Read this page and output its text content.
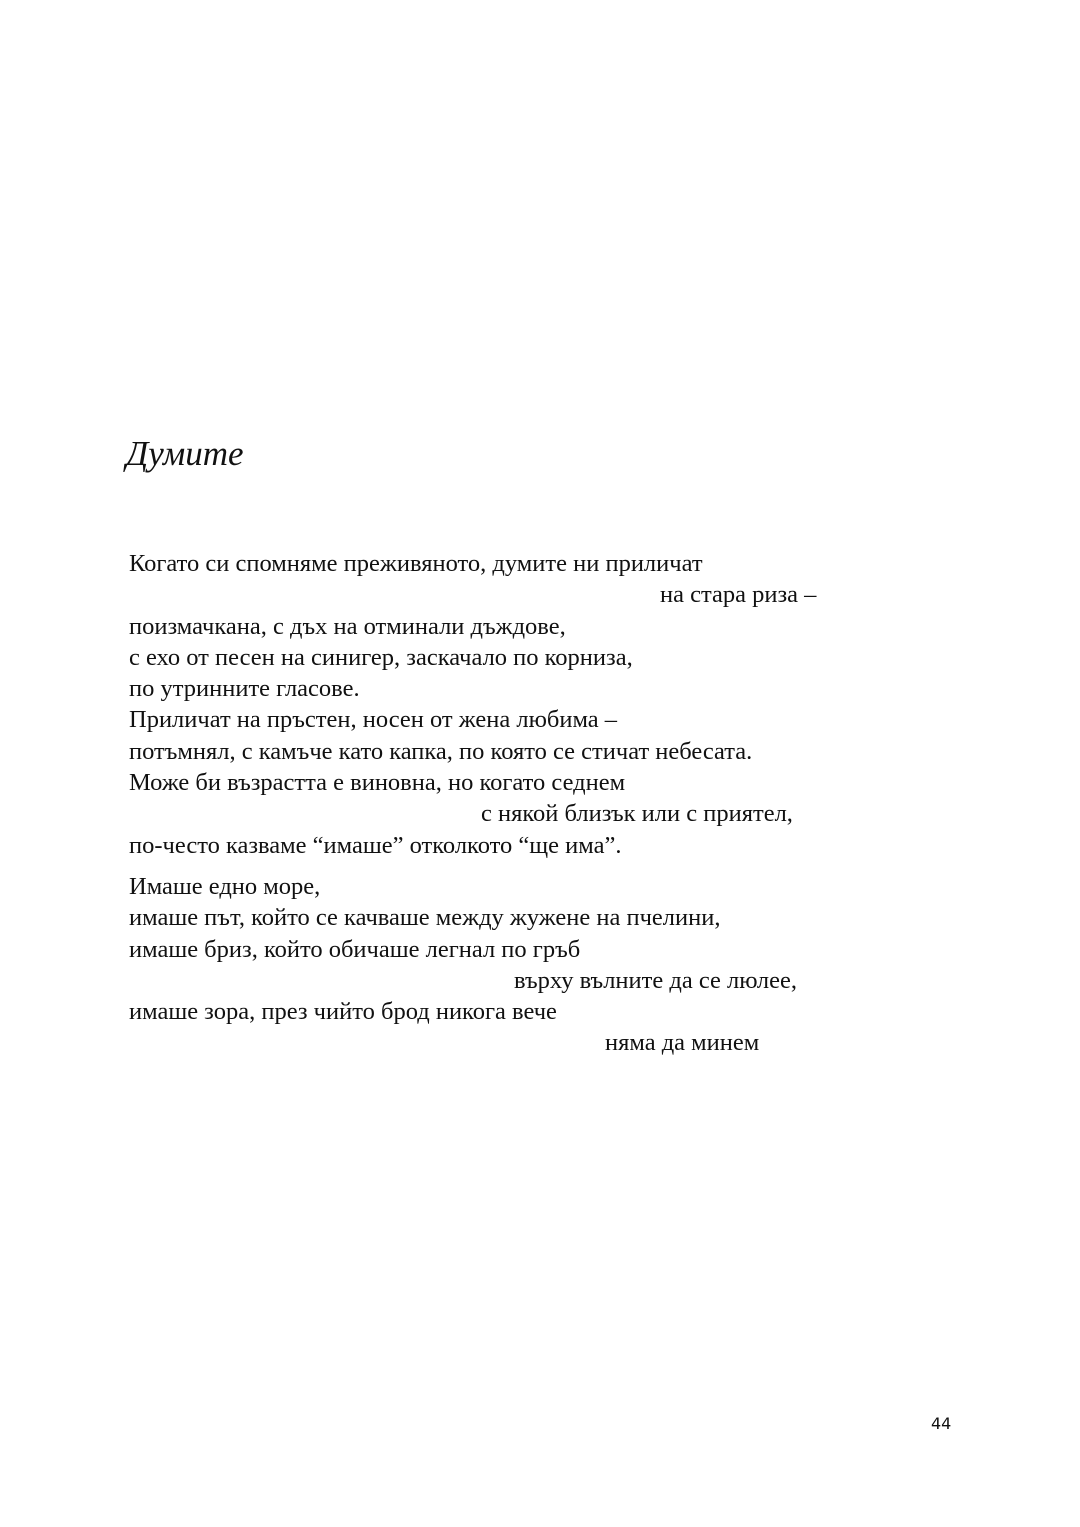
Думите

Когато си спомняме преживяното, думите ни приличат
на стара риза –
поизмачкана, с дъх на отминали дъждове,
с ехо от песен на синигер, заскачало по корниза,
по утринните гласове.
Приличат на пръстен, носен от жена любима –
потъмнял, с камъче като капка, по която се стичат небесата.
Може би възрастта е виновна, но когато седнем
с някой близък или с приятел,
по-често казваме “имаше” отколкото “ще има”.

Имаше едно море,
имаше път, който се качваше между жужене на пчелини,
имаше бриз, който обичаше легнал по гръб
върху вълните да се люлее,
имаше зора, през чийто брод никога вече
няма да минем

44
